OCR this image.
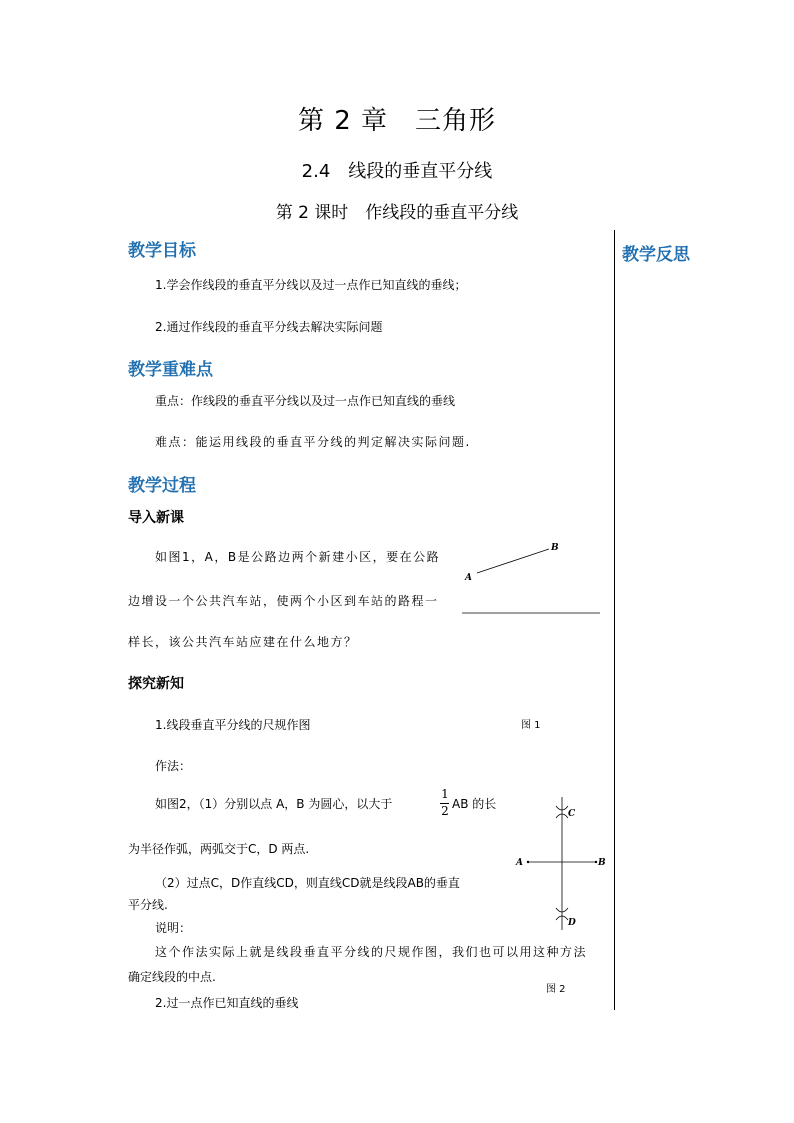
第 2 章　三角形
2.4　线段的垂直平分线
第 2 课时　作线段的垂直平分线
教学反思
教学目标
1.学会作线段的垂直平分线以及过一点作已知直线的垂线；
2.通过作线段的垂直平分线去解决实际问题
教学重难点
重点：作线段的垂直平分线以及过一点作已知直线的垂线
难点：能运用线段的垂直平分线的判定解决实际问题.
教学过程
导入新课
如图1，A，B是公路边两个新建小区，要在公路
边增设一个公共汽车站，使两个小区到车站的路程一
样长，该公共汽车站应建在什么地方？
A
B
探究新知
1.线段垂直平分线的尺规作图	图 1
作法：
如图2，（1）分别以点 A，B 为圆心，以大于
1
2 AB 的长
为半径作弧，两弧交于C，D 两点.
（2）过点C，D作直线CD，则直线CD就是线段AB的垂直
平分线.
说明：
这个作法实际上就是线段垂直平分线的尺规作图，我们也可以用这种方法
确定线段的中点.
2.过一点作已知直线的垂线
A	B
C
D
图 2
